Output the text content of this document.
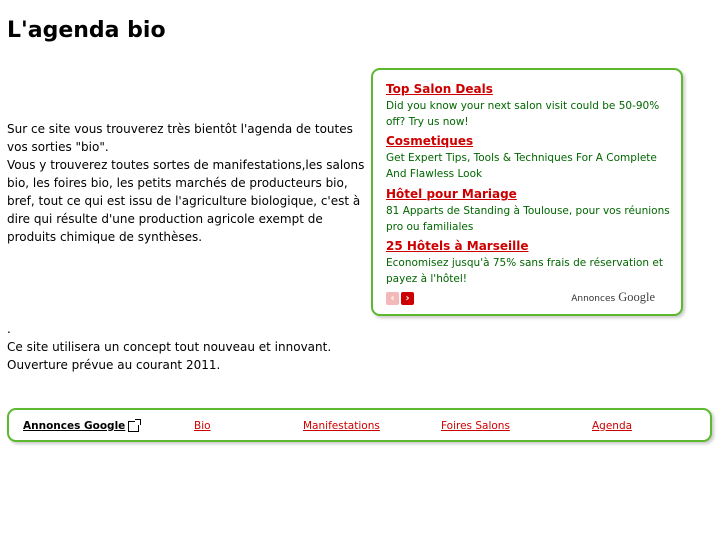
L'agenda bio

Sur ce site vous trouverez très bientôt l'agenda de toutes vos sorties "bio".

Vous y trouverez toutes sortes de manifestations,les salons bio, les foires bio, les petits marchés de producteurs bio, bref, tout ce qui est issu de l'agriculture biologique, c'est à dire qui résulte d'une production agricole exempt de produits chimique de synthèses.

.

Ce site utilisera un concept tout nouveau et innovant.

Ouverture prévue au courant 2011.

Top Salon Deals
Did you know your next salon visit could be 50-90% off? Try us now!
Cosmetiques
Get Expert Tips, Tools & Techniques For A Complete And Flawless Look
Hôtel pour Mariage
81 Apparts de Standing à Toulouse, pour vos réunions pro ou familiales
25 Hôtels à Marseille
Economisez jusqu'à 75% sans frais de réservation et payez à l'hôtel!
‹	›	Annonces Google
Annonces Google	Bio	Manifestations	Foires Salons	Agenda
